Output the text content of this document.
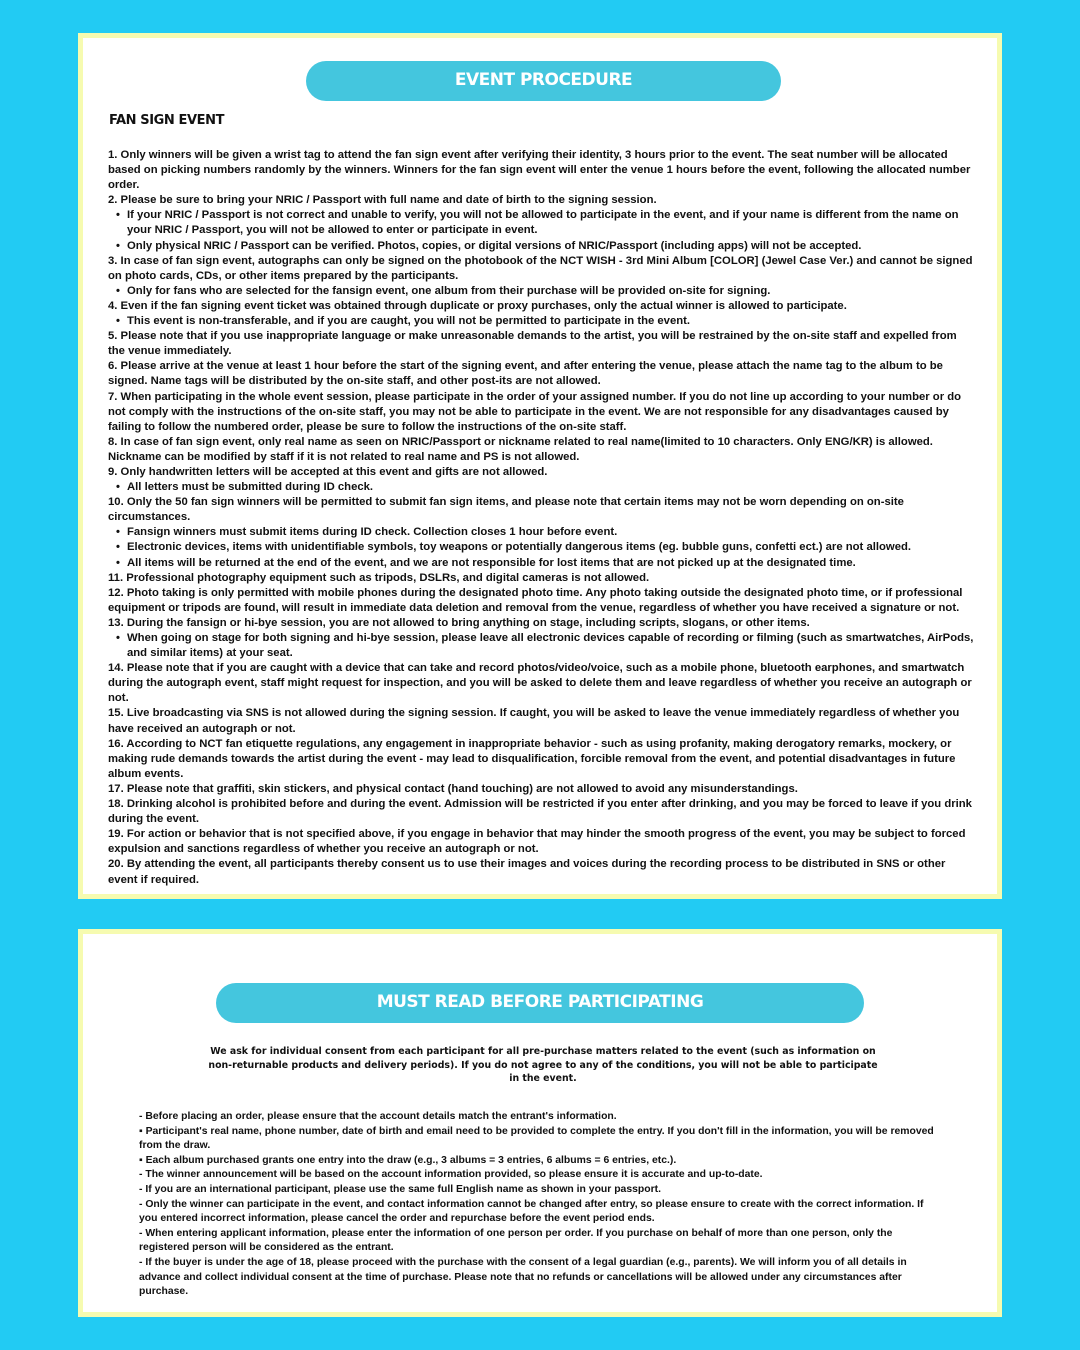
EVENT PROCEDURE
FAN SIGN EVENT
1. Only winners will be given a wrist tag to attend the fan sign event after verifying their identity, 3 hours prior to the event. The seat number will be allocated based on picking numbers randomly by the winners. Winners for the fan sign event will enter the venue 1 hours before the event, following the allocated number order.
2. Please be sure to bring your NRIC / Passport with full name and date of birth to the signing session.
• If your NRIC / Passport is not correct and unable to verify, you will not be allowed to participate in the event, and if your name is different from the name on your NRIC / Passport, you will not be allowed to enter or participate in event.
• Only physical NRIC / Passport can be verified. Photos, copies, or digital versions of NRIC/Passport (including apps) will not be accepted.
3. In case of fan sign event, autographs can only be signed on the photobook of the NCT WISH - 3rd Mini Album [COLOR] (Jewel Case Ver.) and cannot be signed on photo cards, CDs, or other items prepared by the participants.
• Only for fans who are selected for the fansign event, one album from their purchase will be provided on-site for signing.
4. Even if the fan signing event ticket was obtained through duplicate or proxy purchases, only the actual winner is allowed to participate.
• This event is non-transferable, and if you are caught, you will not be permitted to participate in the event.
5. Please note that if you use inappropriate language or make unreasonable demands to the artist, you will be restrained by the on-site staff and expelled from the venue immediately.
6. Please arrive at the venue at least 1 hour before the start of the signing event, and after entering the venue, please attach the name tag to the album to be signed. Name tags will be distributed by the on-site staff, and other post-its are not allowed.
7. When participating in the whole event session, please participate in the order of your assigned number. If you do not line up according to your number or do not comply with the instructions of the on-site staff, you may not be able to participate in the event. We are not responsible for any disadvantages caused by failing to follow the numbered order, please be sure to follow the instructions of the on-site staff.
8. In case of fan sign event, only real name as seen on NRIC/Passport or nickname related to real name(limited to 10 characters. Only ENG/KR) is allowed. Nickname can be modified by staff if it is not related to real name and PS is not allowed.
9. Only handwritten letters will be accepted at this event and gifts are not allowed.
• All letters must be submitted during ID check.
10. Only the 50 fan sign winners will be permitted to submit fan sign items, and please note that certain items may not be worn depending on on-site circumstances.
• Fansign winners must submit items during ID check. Collection closes 1 hour before event.
• Electronic devices, items with unidentifiable symbols, toy weapons or potentially dangerous items (eg. bubble guns, confetti ect.) are not allowed.
• All items will be returned at the end of the event, and we are not responsible for lost items that are not picked up at the designated time.
11. Professional photography equipment such as tripods, DSLRs, and digital cameras is not allowed.
12. Photo taking is only permitted with mobile phones during the designated photo time. Any photo taking outside the designated photo time, or if professional equipment or tripods are found, will result in immediate data deletion and removal from the venue, regardless of whether you have received a signature or not.
13. During the fansign or hi-bye session, you are not allowed to bring anything on stage, including scripts, slogans, or other items.
• When going on stage for both signing and hi-bye session, please leave all electronic devices capable of recording or filming (such as smartwatches, AirPods, and similar items) at your seat.
14. Please note that if you are caught with a device that can take and record photos/video/voice, such as a mobile phone, bluetooth earphones, and smartwatch during the autograph event, staff might request for inspection, and you will be asked to delete them and leave regardless of whether you receive an autograph or not.
15. Live broadcasting via SNS is not allowed during the signing session. If caught, you will be asked to leave the venue immediately regardless of whether you have received an autograph or not.
16. According to NCT fan etiquette regulations, any engagement in inappropriate behavior - such as using profanity, making derogatory remarks, mockery, or making rude demands towards the artist during the event - may lead to disqualification, forcible removal from the event, and potential disadvantages in future album events.
17. Please note that graffiti, skin stickers, and physical contact (hand touching) are not allowed to avoid any misunderstandings.
18. Drinking alcohol is prohibited before and during the event. Admission will be restricted if you enter after drinking, and you may be forced to leave if you drink during the event.
19. For action or behavior that is not specified above, if you engage in behavior that may hinder the smooth progress of the event, you may be subject to forced expulsion and sanctions regardless of whether you receive an autograph or not.
20. By attending the event, all participants thereby consent us to use their images and voices during the recording process to be distributed in SNS or other event if required.
MUST READ BEFORE PARTICIPATING
We ask for individual consent from each participant for all pre-purchase matters related to the event (such as information on non-returnable products and delivery periods). If you do not agree to any of the conditions, you will not be able to participate in the event.
- Before placing an order, please ensure that the account details match the entrant's information.
▪ Participant's real name, phone number, date of birth and email need to be provided to complete the entry. If you don't fill in the information, you will be removed from the draw.
▪ Each album purchased grants one entry into the draw (e.g., 3 albums = 3 entries, 6 albums = 6 entries, etc.).
- The winner announcement will be based on the account information provided, so please ensure it is accurate and up-to-date.
- If you are an international participant, please use the same full English name as shown in your passport.
- Only the winner can participate in the event, and contact information cannot be changed after entry, so please ensure to create with the correct information. If you entered incorrect information, please cancel the order and repurchase before the event period ends.
- When entering applicant information, please enter the information of one person per order. If you purchase on behalf of more than one person, only the registered person will be considered as the entrant.
- If the buyer is under the age of 18, please proceed with the purchase with the consent of a legal guardian (e.g., parents). We will inform you of all details in advance and collect individual consent at the time of purchase. Please note that no refunds or cancellations will be allowed under any circumstances after purchase.
